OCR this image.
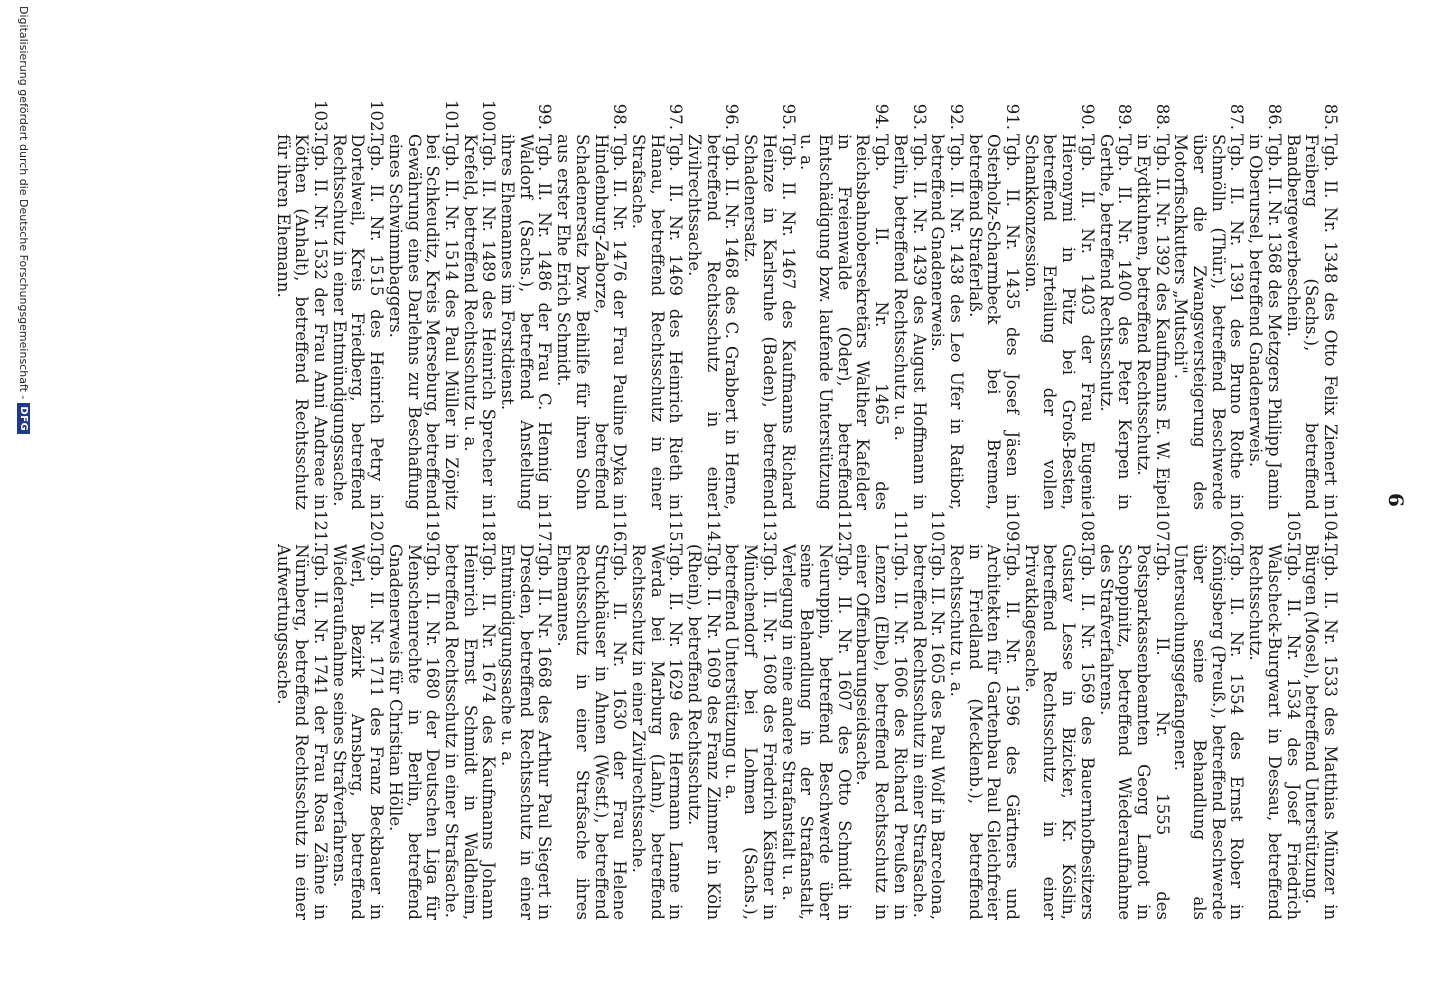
6

85.
Tgb. II. Nr. 1348 des Otto Felix Zienert in Freiberg (Sachs.), betreffend Bandbergewerbeschein.

86.
Tgb. II. Nr. 1368 des Metzgers Philipp Jamin in Oberursel, betreffend Gnadenerweis.

87.
Tgb. II. Nr. 1391 des Bruno Rothe in Schmölln (Thür.), betreffend Beschwerde über die Zwangsversteigerung des Motorfischkutters „Mutschi".

88.
Tgb. II. Nr. 1392 des Kaufmanns E. W. Eipel in Eydtkuhnen, betreffend Rechtsschutz.

89.
Tgb. II. Nr. 1400 des Peter Kerpen in Gerthe, betreffend Rechtsschutz.

90.
Tgb. II. Nr. 1403 der Frau Eugenie Hieronymi in Pütz bei Groß-Besten, betreffend Erteilung der vollen Schankkonzession.

91.
Tgb. II. Nr. 1435 des Josef Jäsen in Osterholz-Scharmbeck bei Bremen, betreffend Straferlaß.

92.
Tgb. II. Nr. 1438 des Leo Ufer in Ratibor, betreffend Gnadenerweis.

93.
Tgb. II. Nr. 1439 des August Hoffmann in Berlin, betreffend Rechtsschutz u. a.

94.
Tgb. II. Nr. 1465 des Reichsbahnobersekretärs Walther Kafelder in Freienwalde (Oder), betreffend Entschädigung bzw. laufende Unterstützung u. a.

95.
Tgb. II. Nr. 1467 des Kaufmanns Richard Heinze in Karlsruhe (Baden), betreffend Schadenersatz.

96.
Tgb. II. Nr. 1468 des C. Grabbert in Herne, betreffend Rechtsschutz in einer Zivilrechtssache.

97.
Tgb. II. Nr. 1469 des Heinrich Rieth in Hanau, betreffend Rechtsschutz in einer Strafsache.

98.
Tgb. II. Nr. 1476 der Frau Pauline Dyka in Hindenburg-Zaborze, betreffend Schadenersatz bzw. Beihilfe für ihren Sohn aus erster Ehe Erich Schmidt.

99.
Tgb. II. Nr. 1486 der Frau C. Hennig in Waldorf (Sachs.), betreffend Anstellung ihres Ehemannes im Forstdienst.

100.
Tgb. II. Nr. 1489 des Heinrich Sprecher in Krefeld, betreffend Rechtsschutz u. a.

101.
Tgb. II. Nr. 1514 des Paul Müller in Zöpitz bei Schkeuditz, Kreis Merseburg, betreffend Gewährung eines Darlehns zur Beschaffung eines Schwimmbaggers.

102.
Tgb. II. Nr. 1515 des Heinrich Petry in Dortelweil, Kreis Friedberg, betreffend Rechtsschutz in einer Entmündigungssache.

103.
Tgb. II. Nr. 1532 der Frau Anni Andreae in Köthen (Anhalt), betreffend Rechtsschutz für ihren Ehemann.

104.
Tgb. II. Nr. 1533 des Matthias Münzer in Bürgen (Mosel), betreffend Unterstützung.

105.
Tgb. II. Nr. 1534 des Josef Friedrich Walscheck-Burgwart in Dessau, betreffend Rechtsschutz.

106.
Tgb. II. Nr. 1554 des Ernst Rober in Königsberg (Preuß.), betreffend Beschwerde über seine Behandlung als Untersuchungsgefangener.

107.
Tgb. II. Nr. 1555 des Postsparkassenbeamten Georg Lamot in Schoppinitz, betreffend Wiederaufnahme des Strafverfahrens.

108.
Tgb. II. Nr. 1569 des Bauernhofbesitzers Gustav Lesse in Bizicker, Kr. Köslin, betreffend Rechtsschutz in einer Privatklagesache.

109.
Tgb. II. Nr. 1596 des Gärtners und Architekten für Gartenbau Paul Gleichfreier in Friedland (Mecklenb.), betreffend Rechtsschutz u. a.

110.
Tgb. II. Nr. 1605 des Paul Wolf in Barcelona, betreffend Rechtsschutz in einer Strafsache.

111.
Tgb. II. Nr. 1606 des Richard Preußen in Lenzen (Elbe), betreffend Rechtsschutz in einer Offenbarungseidsache.

112.
Tgb. II. Nr. 1607 des Otto Schmidt in Neuruppin, betreffend Beschwerde über seine Behandlung in der Strafanstalt, Verlegung in eine andere Strafanstalt u. a.

113.
Tgb. II. Nr. 1608 des Friedrich Kästner in Münchendorf bei Lohmen (Sachs.), betreffend Unterstützung u. a.

114.
Tgb. II. Nr. 1609 des Franz Zimmer in Köln (Rhein), betreffend Rechtsschutz.

115.
Tgb. II. Nr. 1629 des Hermann Lanne in Werda bei Marburg (Lahn), betreffend Rechtsschutz in einer Zivilrechtssache.

116.
Tgb. II. Nr. 1630 der Frau Helene Struckhäuser in Ahnen (Westf.), betreffend Rechtsschutz in einer Strafsache ihres Ehemannes.

117.
Tgb. II. Nr. 1668 des Arthur Paul Siegert in Dresden, betreffend Rechtsschutz in einer Entmündigungssache u. a.

118.
Tgb. II. Nr. 1674 des Kaufmanns Johann Heinrich Ernst Schmidt in Waldheim, betreffend Rechtsschutz in einer Strafsache.

119.
Tgb. II. Nr. 1680 der Deutschen Liga für Menschenrechte in Berlin, betreffend Gnadenerweis für Christian Hölle.

120.
Tgb. II. Nr. 1711 des Franz Beckbauer in Werl, Bezirk Arnsberg, betreffend Wiederaufnahme seines Strafverfahrens.

121.
Tgb. II. Nr. 1741 der Frau Rosa Zähne in Nürnberg, betreffend Rechtsschutz in einer Aufwertungssache.

Digitalisierung gefördert durch die Deutsche Forschungsgemeinschaft -
DFG
